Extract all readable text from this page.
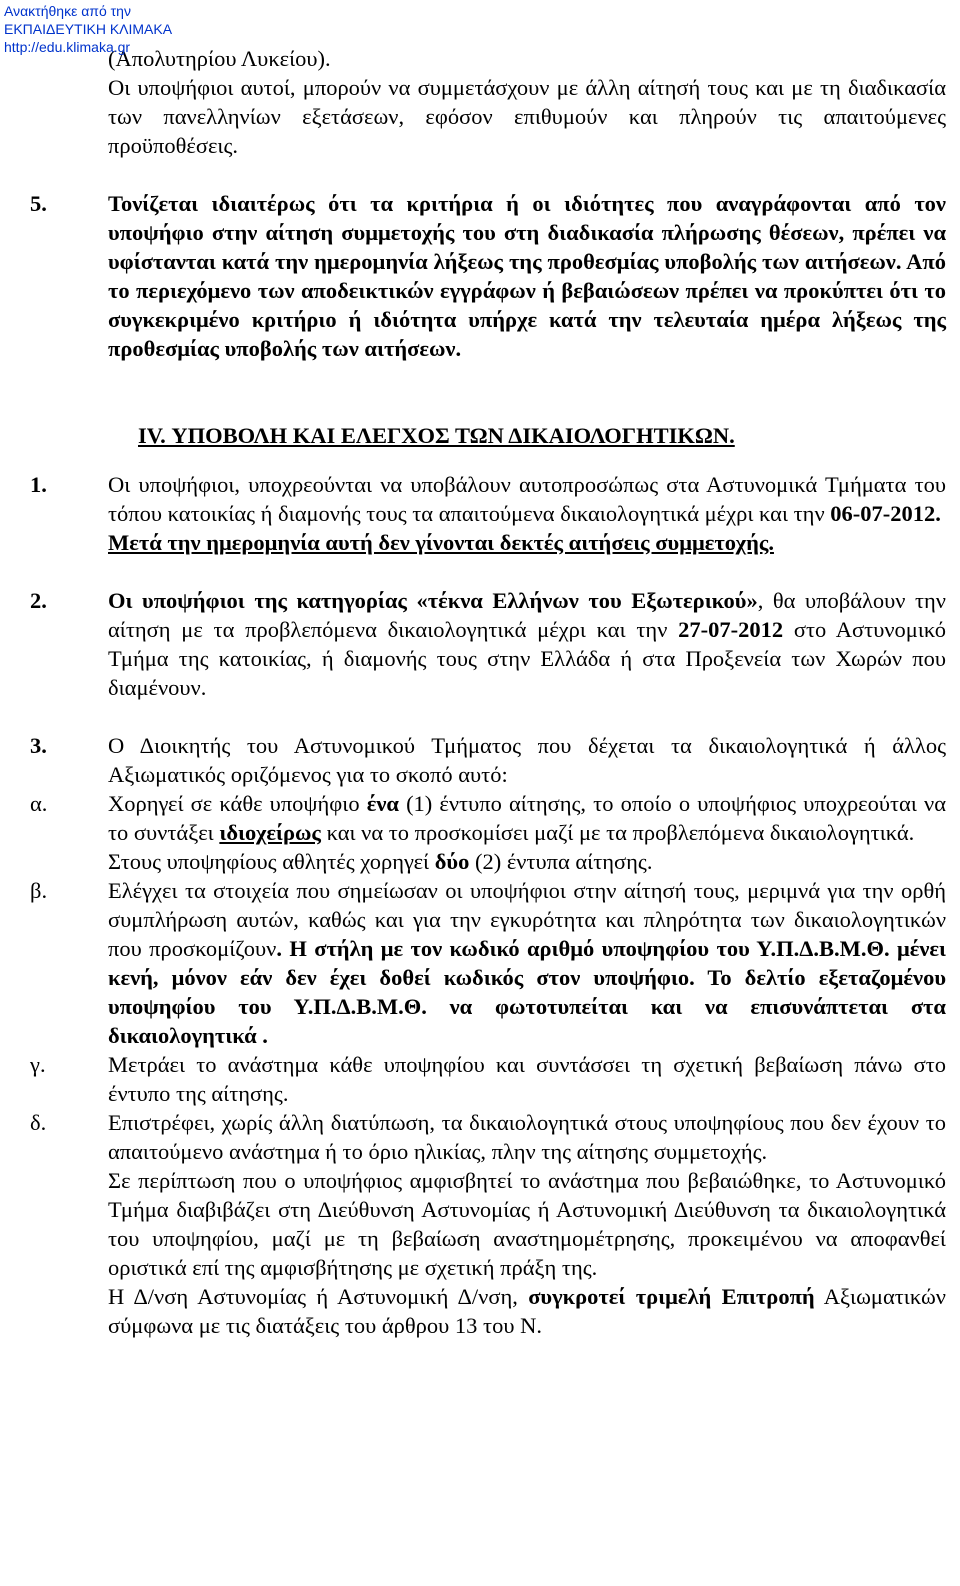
Ανακτήθηκε από την
ΕΚΠΑΙΔΕΥΤΙΚΗ ΚΛΙΜΑΚΑ
http://edu.klimaka.gr

(Απολυτηρίου Λυκείου).

Οι υποψήφιοι αυτοί, μπορούν να συμμετάσχουν με άλλη αίτησή τους και με τη διαδικασία των πανελληνίων εξετάσεων, εφόσον επιθυμούν και πληρούν τις απαιτούμενες προϋποθέσεις.

5.	Τονίζεται ιδιαιτέρως ότι τα κριτήρια ή οι ιδιότητες που αναγράφονται από τον υποψήφιο στην αίτηση συμμετοχής του στη διαδικασία πλήρωσης θέσεων, πρέπει να υφίστανται κατά την ημερομηνία λήξεως της προθεσμίας υποβολής των αιτήσεων. Από το περιεχόμενο των αποδεικτικών εγγράφων ή βεβαιώσεων πρέπει να προκύπτει ότι το συγκεκριμένο κριτήριο ή ιδιότητα υπήρχε κατά την τελευταία ημέρα λήξεως της προθεσμίας υποβολής των αιτήσεων.
IV. ΥΠΟΒΟΛΗ ΚΑΙ ΕΛΕΓΧΟΣ ΤΩΝ ΔΙΚΑΙΟΛΟΓΗΤΙΚΩΝ.
1.	Οι υποψήφιοι, υποχρεούνται να υποβάλουν αυτοπροσώπως στα Αστυνομικά Τμήματα του τόπου κατοικίας ή διαμονής τους τα απαιτούμενα δικαιολογητικά μέχρι και την 06-07-2012.

Μετά την ημερομηνία αυτή δεν γίνονται δεκτές αιτήσεις συμμετοχής.

2.	Οι υποψήφιοι της κατηγορίας «τέκνα Ελλήνων του Εξωτερικού», θα υποβάλουν την αίτηση με τα προβλεπόμενα δικαιολογητικά μέχρι και την 27-07-2012 στο Αστυνομικό Τμήμα της κατοικίας, ή διαμονής τους στην Ελλάδα ή στα Προξενεία των Χωρών που διαμένουν.

3.	Ο Διοικητής του Αστυνομικού Τμήματος που δέχεται τα δικαιολογητικά ή άλλος Αξιωματικός οριζόμενος για το σκοπό αυτό:
α.	Χορηγεί σε κάθε υποψήφιο ένα (1) έντυπο αίτησης, το οποίο ο υποψήφιος υποχρεούται να το συντάξει ιδιοχείρως και να το προσκομίσει μαζί με τα προβλεπόμενα δικαιολογητικά.

Στους υποψηφίους αθλητές χορηγεί δύο (2) έντυπα αίτησης.

β.	Ελέγχει τα στοιχεία που σημείωσαν οι υποψήφιοι στην αίτησή τους, μεριμνά για την ορθή συμπλήρωση αυτών, καθώς και για την εγκυρότητα και πληρότητα των δικαιολογητικών που προσκομίζουν. Η στήλη με τον κωδικό αριθμό υποψηφίου του Υ.Π.Δ.Β.Μ.Θ. μένει κενή, μόνον εάν δεν έχει δοθεί κωδικός στον υποψήφιο. Το δελτίο εξεταζομένου υποψηφίου του Υ.Π.Δ.Β.Μ.Θ. να φωτοτυπείται και να επισυνάπτεται στα δικαιολογητικά .

γ.	Μετράει το ανάστημα κάθε υποψηφίου και συντάσσει τη σχετική βεβαίωση πάνω στο έντυπο της αίτησης.
δ.	Επιστρέφει, χωρίς άλλη διατύπωση, τα δικαιολογητικά στους υποψηφίους που δεν έχουν το απαιτούμενο ανάστημα ή το όριο ηλικίας, πλην της αίτησης συμμετοχής.

Σε περίπτωση που ο υποψήφιος αμφισβητεί το ανάστημα που βεβαιώθηκε, το Αστυνομικό Τμήμα διαβιβάζει στη Διεύθυνση Αστυνομίας ή Αστυνομική Διεύθυνση τα δικαιολογητικά του υποψηφίου, μαζί με τη βεβαίωση αναστημομέτρησης, προκειμένου να αποφανθεί οριστικά επί της αμφισβήτησης με σχετική πράξη της.

Η Δ/νση Αστυνομίας ή Αστυνομική Δ/νση, συγκροτεί τριμελή Επιτροπή Αξιωματικών σύμφωνα με τις διατάξεις του άρθρου 13 του Ν.
